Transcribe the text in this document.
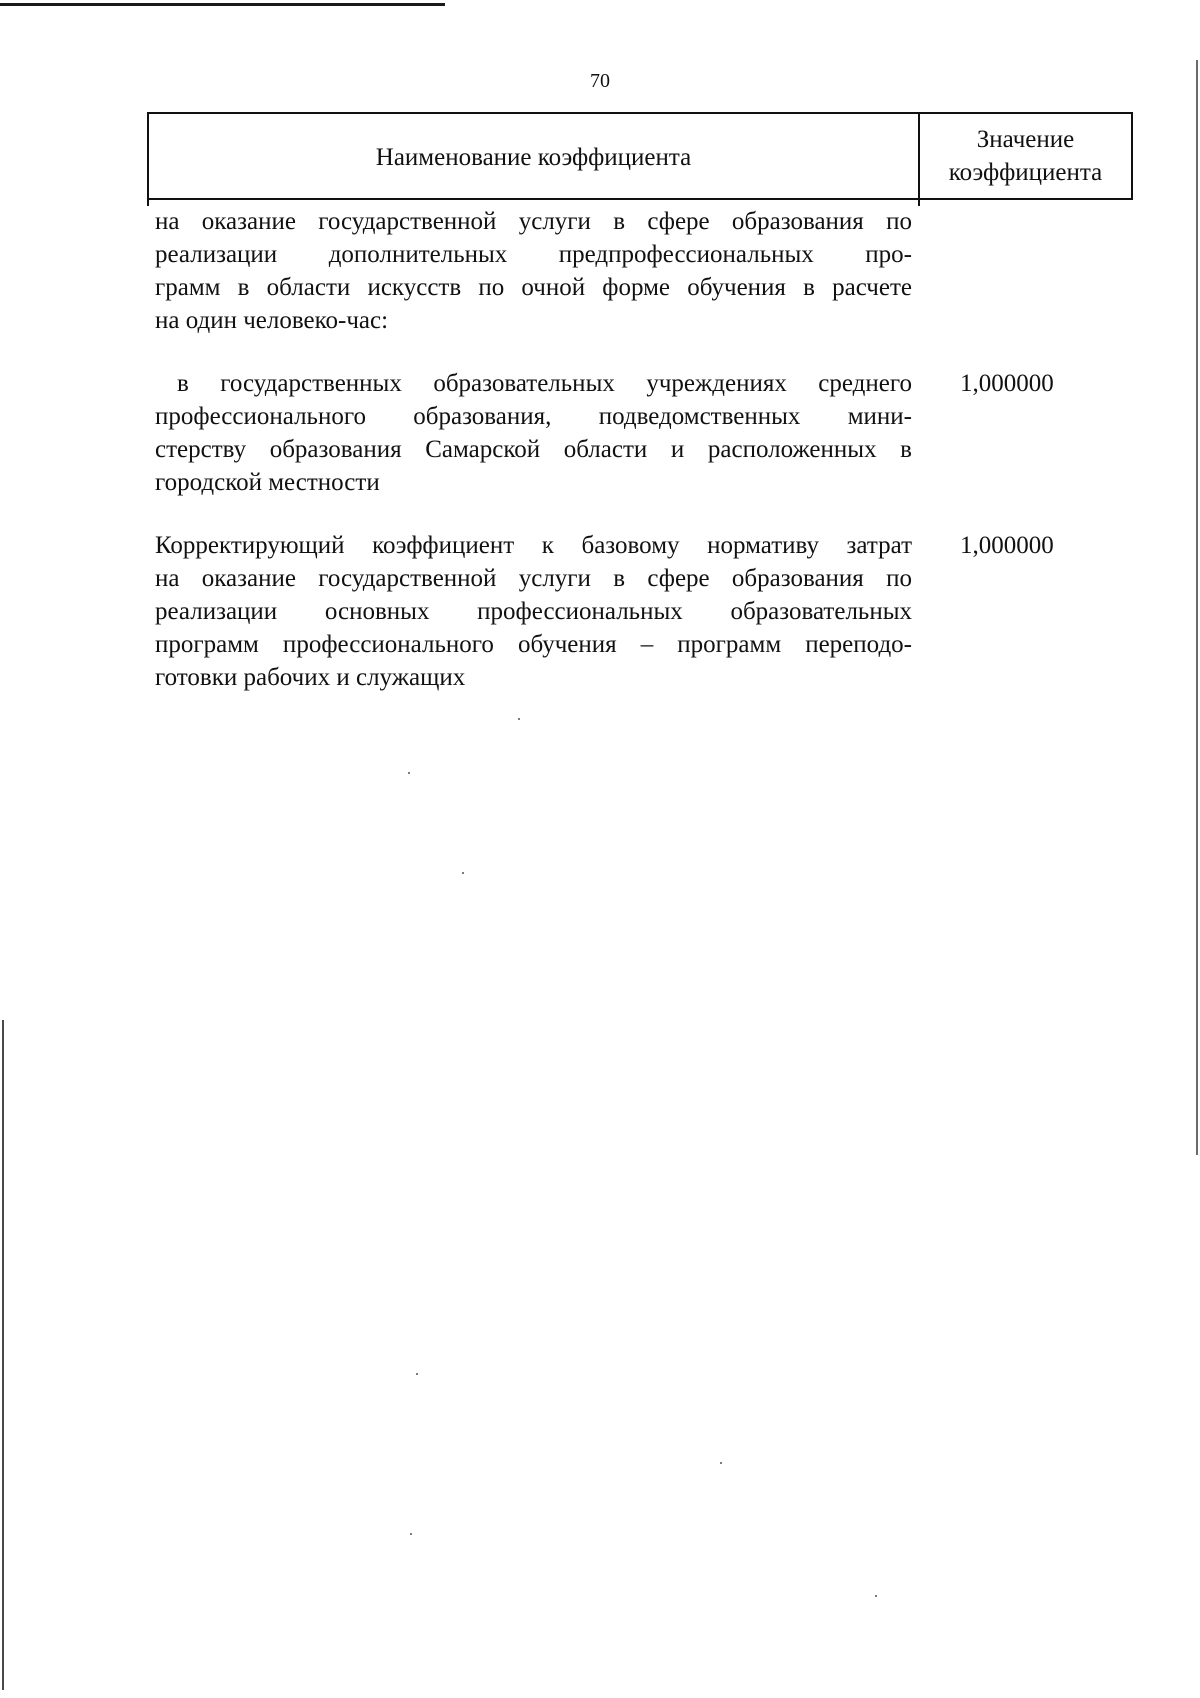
70
Наименование коэффициента
Значение
коэффициента
на оказание государственной услуги в сфере образования по
реализации дополнительных предпрофессиональных про-
грамм в области искусств по очной форме обучения в расчете
на один человеко-час:
в государственных образовательных учреждениях среднего
профессионального образования, подведомственных мини-
стерству образования Самарской области и расположенных в
городской местности
1,000000
Корректирующий коэффициент к базовому нормативу затрат
на оказание государственной услуги в сфере образования по
реализации основных профессиональных образовательных
программ профессионального обучения – программ переподо-
готовки рабочих и служащих
1,000000
